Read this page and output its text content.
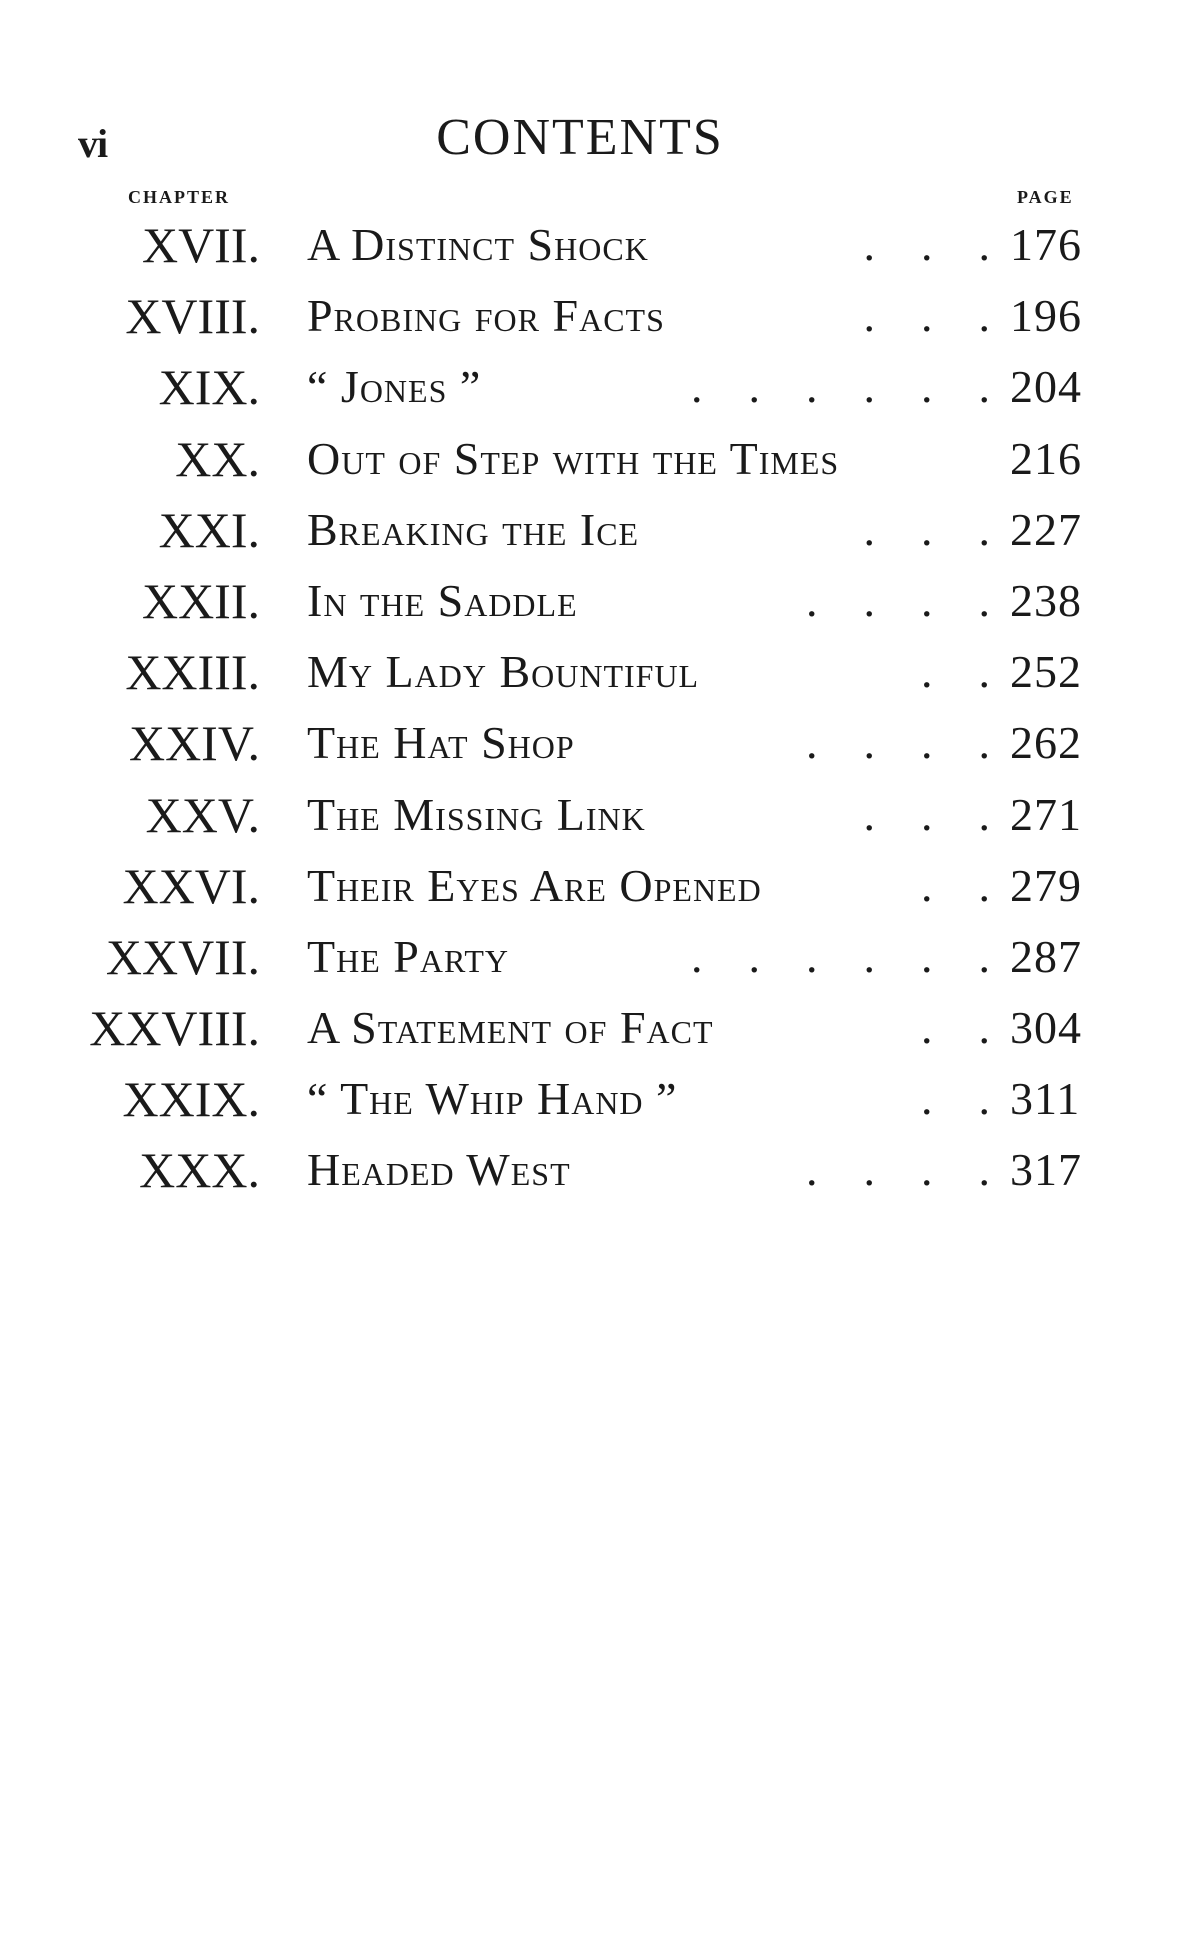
vi	CONTENTS
CHAPTER	PAGE
XVII. A Distinct Shock	.    .    . 176
XVIII. Probing for Facts	.    .    . 196
XIX. “ Jones ”	.    .    .    .    .    . 204
XX. Out of Step with the Times	216
XXI. Breaking the Ice	.    .    . 227
XXII. In the Saddle	.    .    .    . 238
XXIII. My Lady Bountiful	.    . 252
XXIV. The Hat Shop	.    .    .    . 262
XXV. The Missing Link	.    .    . 271
XXVI. Their Eyes Are Opened	.    . 279
XXVII. The Party	.    .    .    .    .    . 287
XXVIII. A Statement of Fact	.    . 304
XXIX. “ The Whip Hand ”	.    . 311
XXX. Headed West	.    .    .    . 317
